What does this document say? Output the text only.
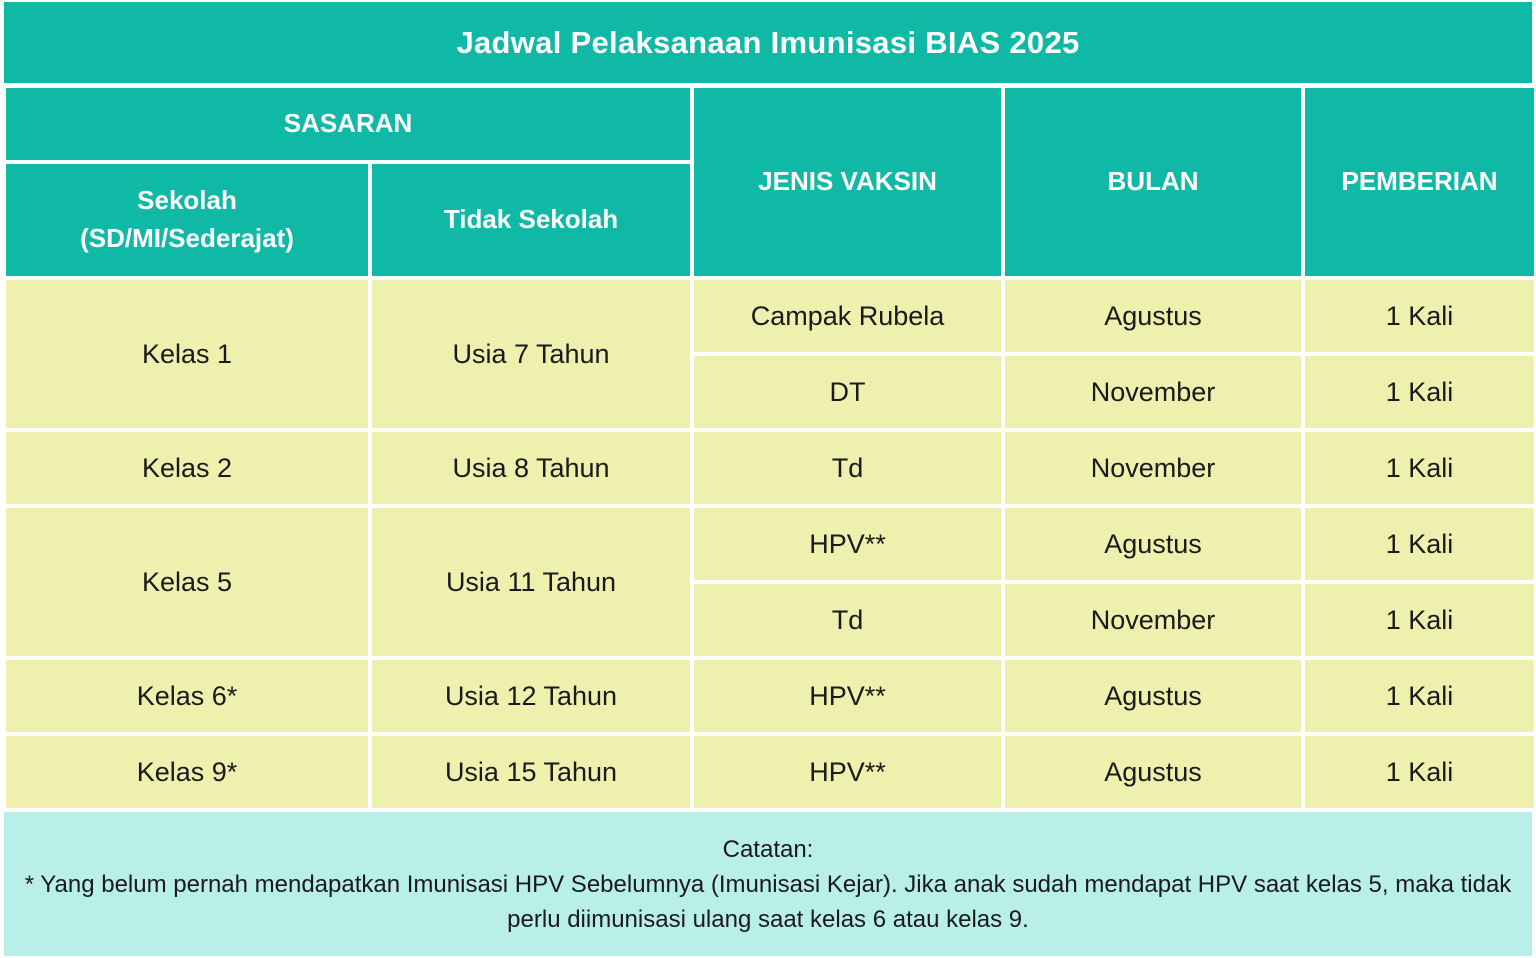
Jadwal Pelaksanaan Imunisasi BIAS 2025
SASARAN		JENIS VAKSIN	BULAN	PEMBERIAN

Sekolah
(SD/MI/Sederajat)	Tidak Sekolah			
Kelas 1	Usia 7 Tahun	Campak Rubela	Agustus	1 Kali
		DT	November	1 Kali
Kelas 2	Usia 8 Tahun	Td	November	1 Kali
Kelas 5	Usia 11 Tahun	HPV**	Agustus	1 Kali
		Td	November	1 Kali
Kelas 6*	Usia 12 Tahun	HPV**	Agustus	1 Kali
Kelas 9*	Usia 15 Tahun	HPV**	Agustus	1 Kali
Catatan:
* Yang belum pernah mendapatkan Imunisasi HPV Sebelumnya (Imunisasi Kejar). Jika anak sudah mendapat HPV saat kelas 5, maka tidak perlu diimunisasi ulang saat kelas 6 atau kelas 9.
